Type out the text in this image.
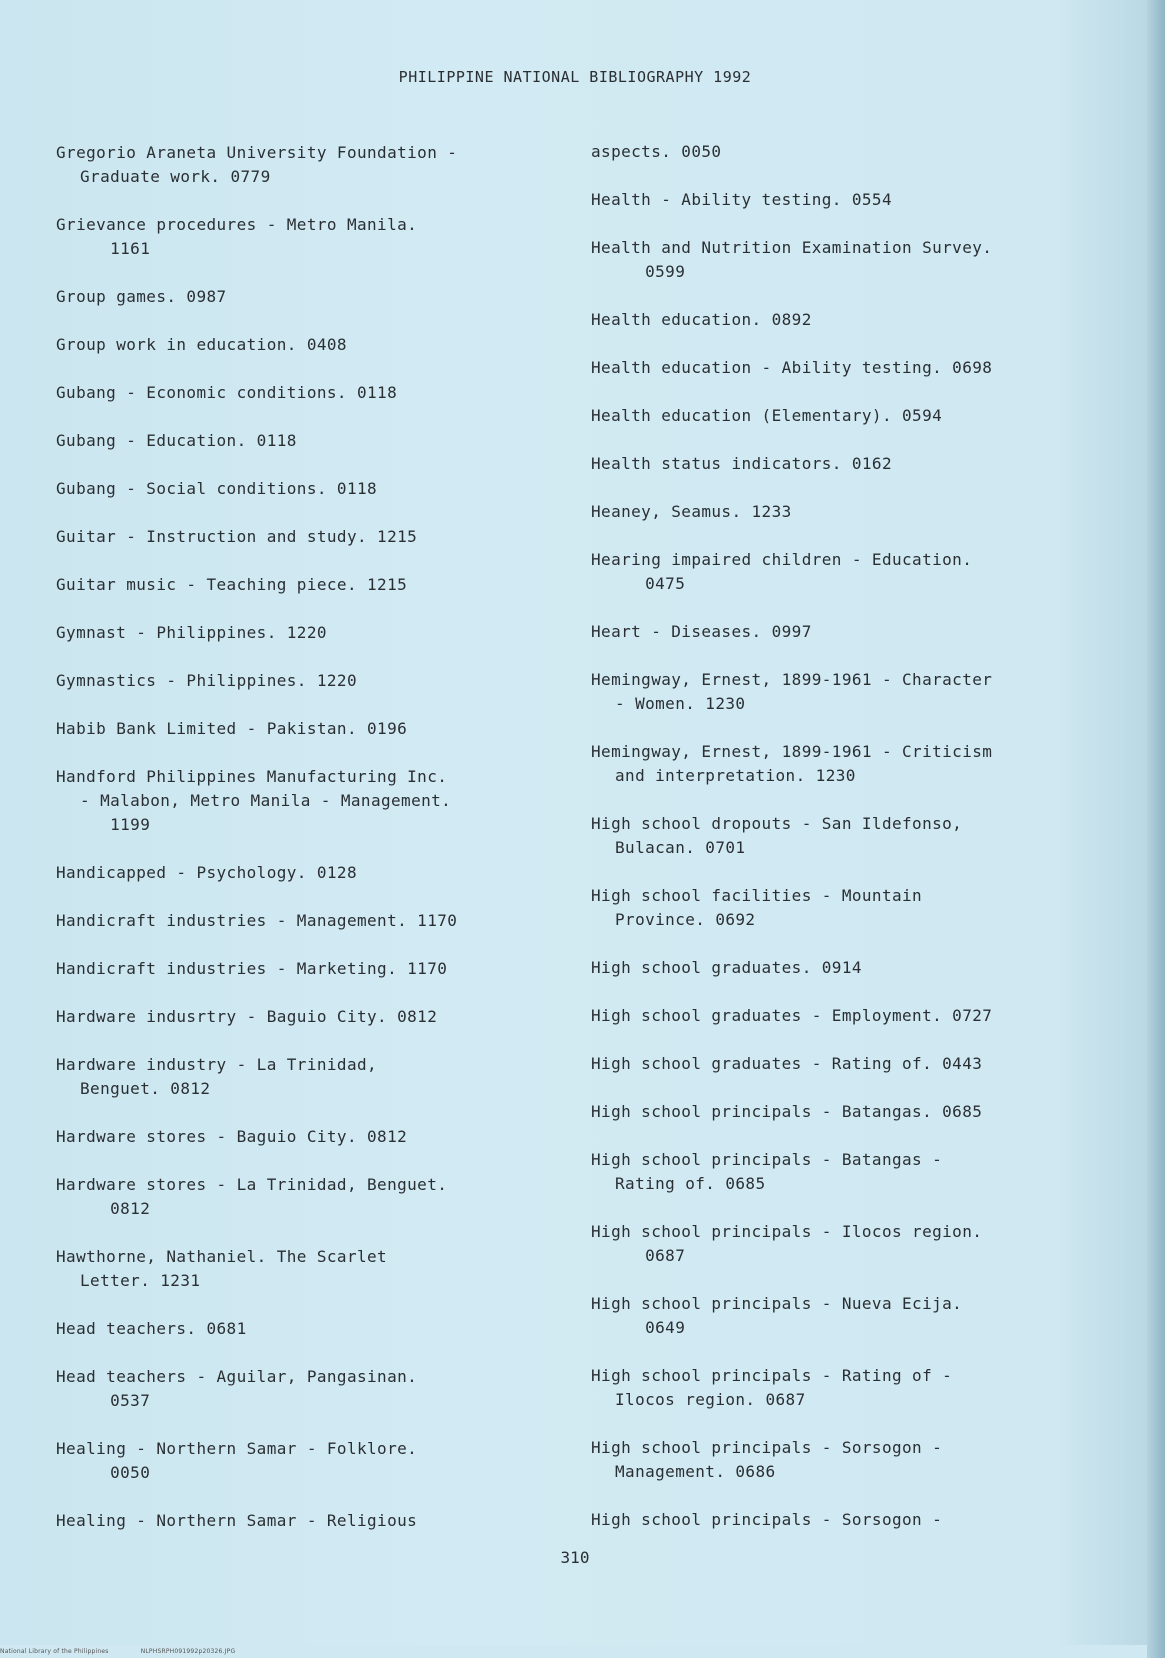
PHILIPPINE NATIONAL BIBLIOGRAPHY 1992
Gregorio Araneta University Foundation -
Graduate work. 0779
Grievance procedures - Metro Manila.
1161
Group games. 0987
Group work in education. 0408
Gubang - Economic conditions. 0118
Gubang - Education. 0118
Gubang - Social conditions. 0118
Guitar - Instruction and study. 1215
Guitar music - Teaching piece. 1215
Gymnast - Philippines. 1220
Gymnastics - Philippines. 1220
Habib Bank Limited - Pakistan. 0196
Handford Philippines Manufacturing Inc.
- Malabon, Metro Manila - Management.
1199
Handicapped - Psychology. 0128
Handicraft industries - Management. 1170
Handicraft industries - Marketing. 1170
Hardware indusrtry - Baguio City. 0812
Hardware industry - La Trinidad,
Benguet. 0812
Hardware stores - Baguio City. 0812
Hardware stores - La Trinidad, Benguet.
0812
Hawthorne, Nathaniel. The Scarlet
Letter. 1231
Head teachers. 0681
Head teachers - Aguilar, Pangasinan.
0537
Healing - Northern Samar - Folklore.
0050
Healing - Northern Samar - Religious
aspects. 0050
Health - Ability testing. 0554
Health and Nutrition Examination Survey.
0599
Health education. 0892
Health education - Ability testing. 0698
Health education (Elementary). 0594
Health status indicators. 0162
Heaney, Seamus. 1233
Hearing impaired children - Education.
0475
Heart - Diseases. 0997
Hemingway, Ernest, 1899-1961 - Character
- Women. 1230
Hemingway, Ernest, 1899-1961 - Criticism
and interpretation. 1230
High school dropouts - San Ildefonso,
Bulacan. 0701
High school facilities - Mountain
Province. 0692
High school graduates. 0914
High school graduates - Employment. 0727
High school graduates - Rating of. 0443
High school principals - Batangas. 0685
High school principals - Batangas -
Rating of. 0685
High school principals - Ilocos region.
0687
High school principals - Nueva Ecija.
0649
High school principals - Rating of -
Ilocos region. 0687
High school principals - Sorsogon -
Management. 0686
High school principals - Sorsogon -
310
National Library of the Philippines	NLPHSRPH091992p20326.JPG
